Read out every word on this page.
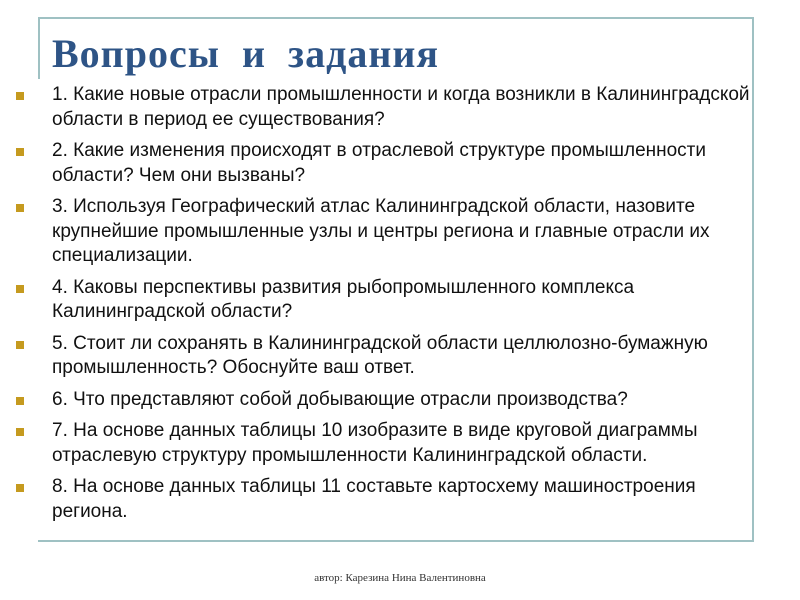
Вопросы  и  задания
1. Какие новые отрасли промышленности и когда возникли в Калининградской области в период ее существования?
2. Какие изменения происходят в отраслевой структуре промышленности области? Чем они вызваны?
3. Используя Географический атлас Калининградской области, назовите крупнейшие промышленные узлы и центры региона и главные отрасли их специализации.
4. Каковы перспективы развития рыбопромышленного комплекса Калининградской области?
5. Стоит ли сохранять в Калининградской области целлюлозно-бумажную промышленность? Обоснуйте ваш ответ.
6. Что представляют собой добывающие отрасли производства?
7. На основе данных таблицы 10 изобразите в виде круговой диаграммы отраслевую структуру промышленности Калининградской области.
8. На основе данных таблицы 11 составьте картосхему машиностроения региона.
автор: Карезина Нина Валентиновна
